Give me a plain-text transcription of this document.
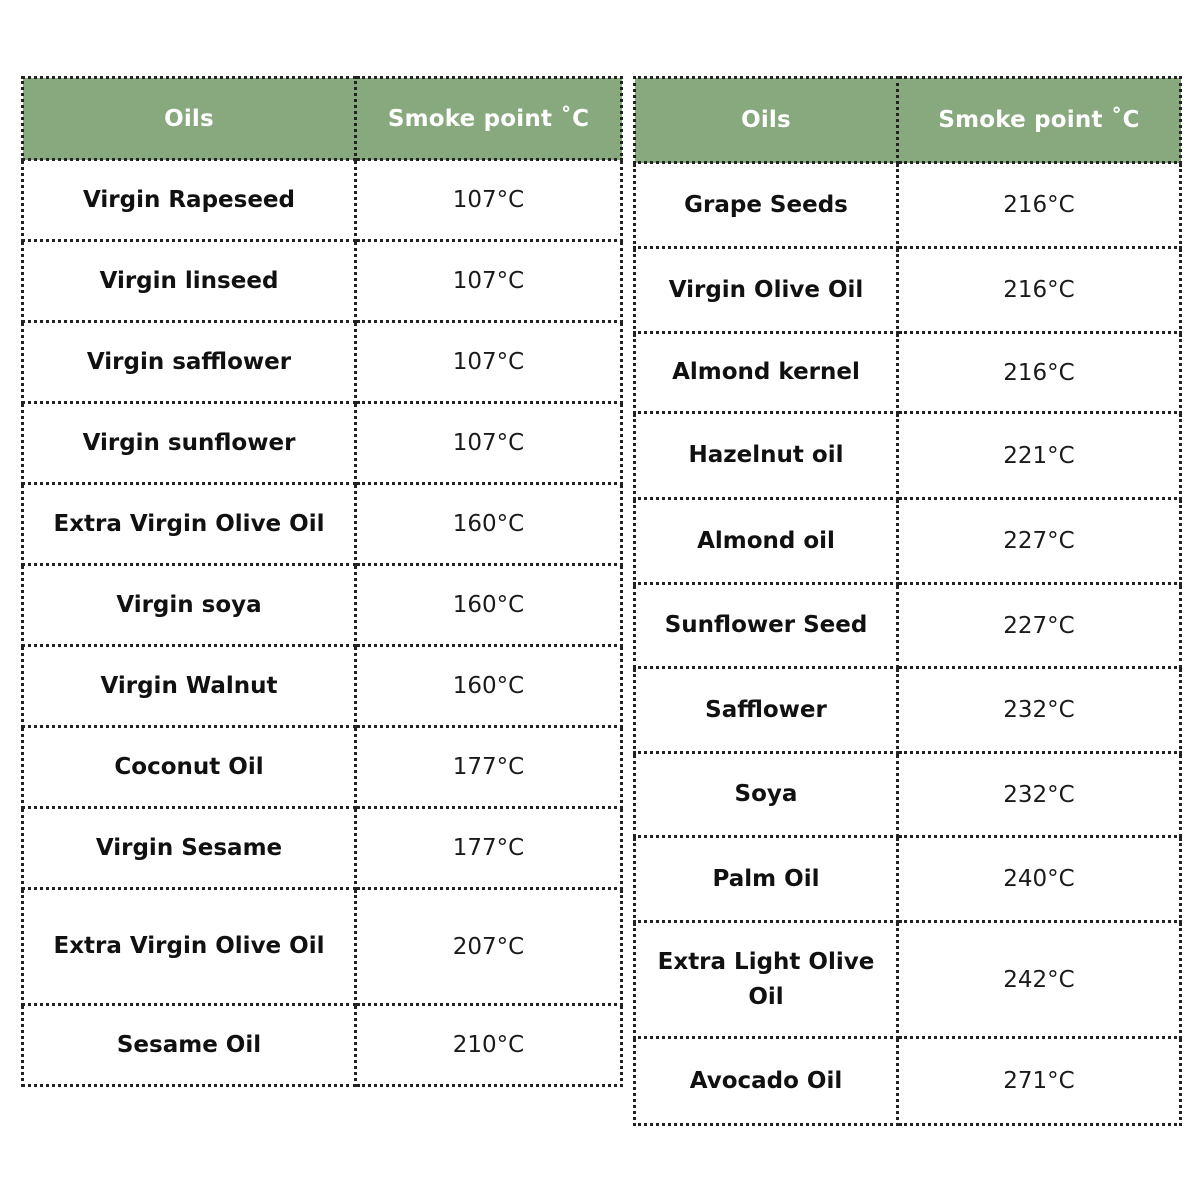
Oils	Smoke point ˚C
Virgin Rapeseed	107°C
Virgin linseed	107°C
Virgin safflower	107°C
Virgin sunflower	107°C
Extra Virgin Olive Oil	160°C
Virgin soya	160°C
Virgin Walnut	160°C
Coconut Oil	177°C
Virgin Sesame	177°C
Extra Virgin Olive Oil	207°C
Sesame Oil	210°C
Oils	Smoke point ˚C
Grape Seeds	216°C
Virgin Olive Oil	216°C
Almond kernel	216°C
Hazelnut oil	221°C
Almond oil	227°C
Sunflower Seed	227°C
Safflower	232°C
Soya	232°C
Palm Oil	240°C
Extra Light Olive Oil	242°C
Avocado Oil	271°C
